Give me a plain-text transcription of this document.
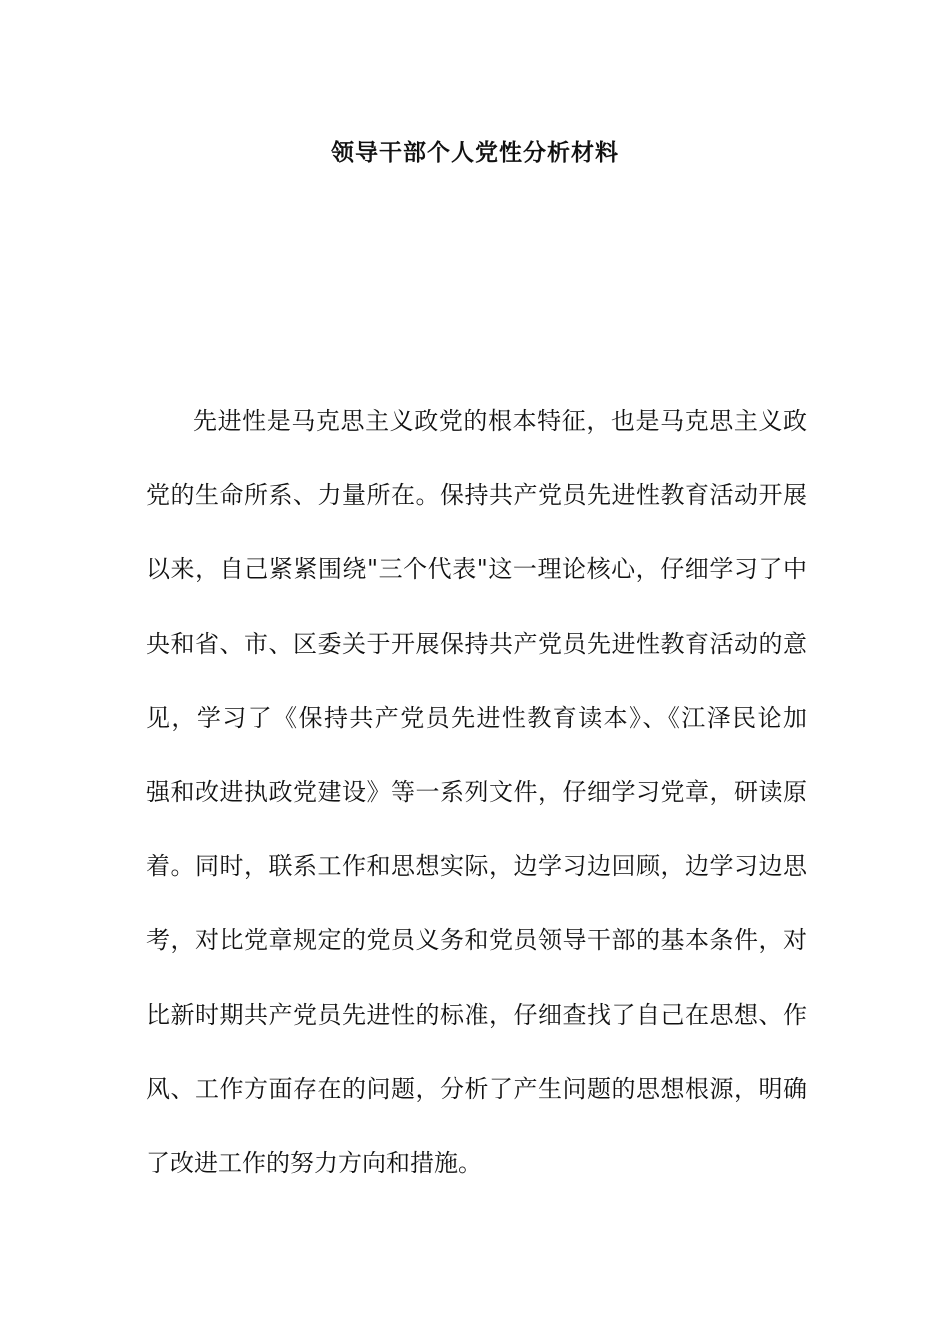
领导干部个人党性分析材料
先进性是马克思主义政党的根本特征，也是马克思主义政
党的生命所系、力量所在。保持共产党员先进性教育活动开展
以来，自己紧紧围绕"三个代表"这一理论核心，仔细学习了中
央和省、市、区委关于开展保持共产党员先进性教育活动的意
见，学习了《保持共产党员先进性教育读本》、《江泽民论加
强和改进执政党建设》等一系列文件，仔细学习党章，研读原
着。同时，联系工作和思想实际，边学习边回顾，边学习边思
考，对比党章规定的党员义务和党员领导干部的基本条件，对
比新时期共产党员先进性的标准，仔细查找了自己在思想、作
风、工作方面存在的问题，分析了产生问题的思想根源，明确
了改进工作的努力方向和措施。
